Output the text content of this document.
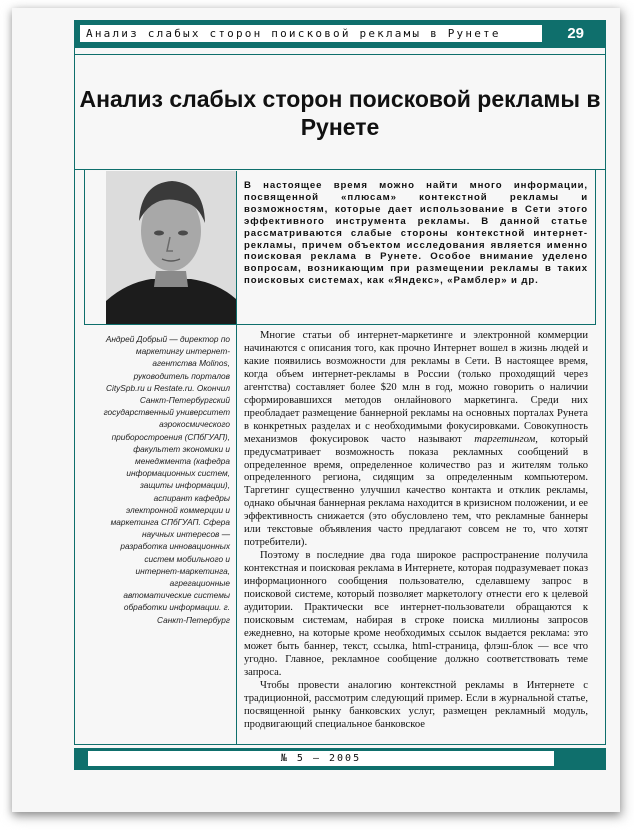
Анализ слабых сторон поисковой рекламы в Рунете	29
Анализ слабых сторон поисковой рекламы в Рунете
В настоящее время можно найти много информации, посвященной «плюсам» контекстной рекламы и возможностям, которые дает использование в Сети этого эффективного инструмента рекламы. В данной статье рассматриваются слабые стороны контекстной интернет-рекламы, причем объектом исследования является именно поисковая реклама в Рунете. Особое внимание уделено вопросам, возникающим при размещении рекламы в таких поисковых системах, как «Яндекс», «Рамблер» и др.
Андрей Добрый — директор по маркетингу интернет-агентства Molinos, руководитель порталов CitySpb.ru и Restate.ru. Окончил Санкт-Петербургский государственный университет аэрокосмического приборостроения (СПбГУАП), факультет экономики и менеджмента (кафедра информационных систем, защиты информации), аспирант кафедры электронной коммерции и маркетинга СПбГУАП. Сфера научных интересов — разработка инновационных систем мобильного и интернет-маркетинга, агрегационные автоматические системы обработки информации. г. Санкт-Петербург

Многие статьи об интернет-маркетинге и электронной коммерции начинаются с описания того, как прочно Интернет вошел в жизнь людей и какие появились возможности для рекламы в Сети. В настоящее время, когда объем интернет-рекламы в России (только проходящий через агентства) составляет более $20 млн в год, можно говорить о наличии сформировавшихся методов онлайнового маркетинга. Среди них преобладает размещение баннерной рекламы на основных порталах Рунета в конкретных разделах и с необходимыми фокусировками. Совокупность механизмов фокусировок часто называют таргетингом, который предусматривает возможность показа рекламных сообщений в определенное время, определенное количество раз и жителям только определенного региона, сидящим за определенным компьютером. Таргетинг существенно улучшил качество контакта и отклик рекламы, однако обычная баннерная реклама находится в кризисном положении, и ее эффективность снижается (это обусловлено тем, что рекламные баннеры или текстовые объявления часто предлагают совсем не то, что хотят потребители).

Поэтому в последние два года широкое распространение получила контекстная и поисковая реклама в Интернете, которая подразумевает показ информационного сообщения пользователю, сделавшему запрос в поисковой системе, который позволяет маркетологу отнести его к целевой аудитории. Практически все интернет-пользователи обращаются к поисковым системам, набирая в строке поиска миллионы запросов ежедневно, на которые кроме необходимых ссылок выдается реклама: это может быть баннер, текст, ссылка, html-страница, флэш-блок — все что угодно. Главное, рекламное сообщение должно соответствовать теме запроса.

Чтобы провести аналогию контекстной рекламы в Интернете с традиционной, рассмотрим следующий пример. Если в журнальной статье, посвященной рынку банковских услуг, размещен рекламный модуль, продвигающий специальное банковское

№ 5 – 2005
